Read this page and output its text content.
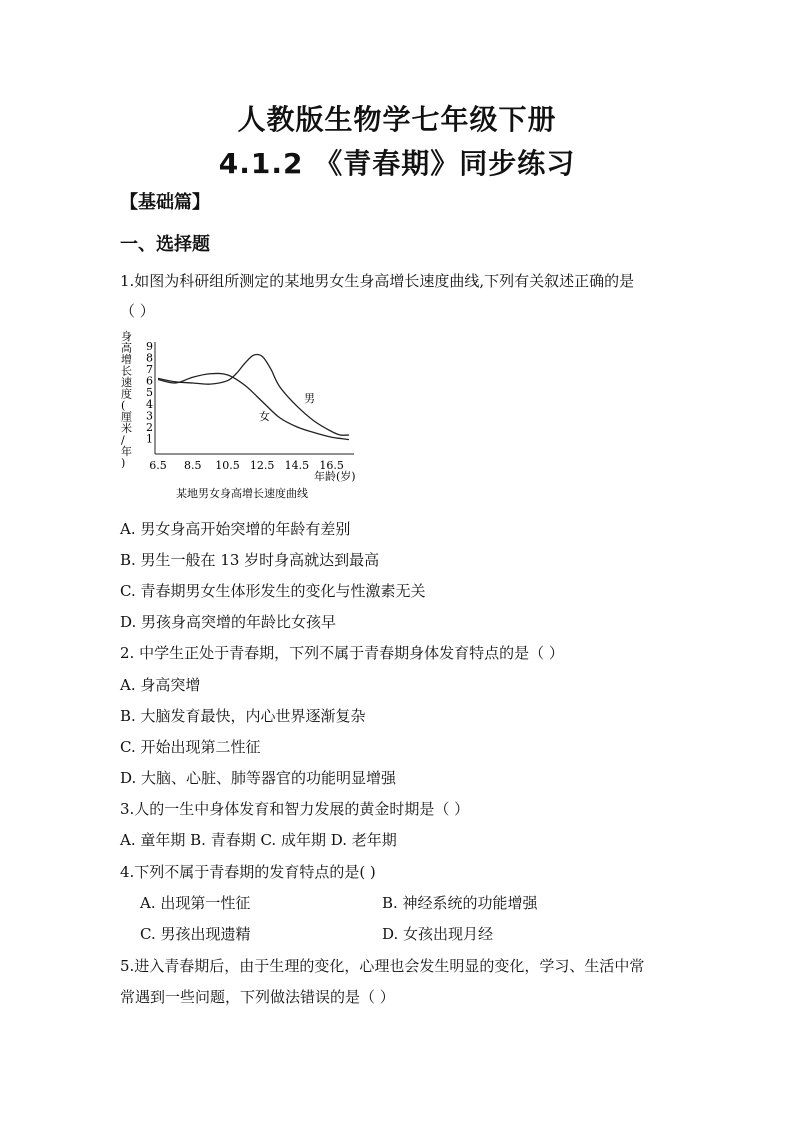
人教版生物学七年级下册
4.1.2 《青春期》同步练习
【基础篇】
一、选择题
1.如图为科研组所测定的某地男女生身高增长速度曲线,下列有关叙述正确的是
（ ）
身
高
增
长
速
度
(
厘
米
/
年
)
1
2
3
4
5
6
7
8
9
6.5 8.5 10.5 12.5 14.5 16.5
男
女
年龄(岁)
某地男女身高增长速度曲线
A. 男女身高开始突增的年龄有差别
B. 男生一般在 13 岁时身高就达到最高
C. 青春期男女生体形发生的变化与性激素无关
D. 男孩身高突增的年龄比女孩早
2. 中学生正处于青春期，下列不属于青春期身体发育特点的是（ ）
A. 身高突增
B. 大脑发育最快，内心世界逐渐复杂
C. 开始出现第二性征
D. 大脑、心脏、肺等器官的功能明显增强
3.人的一生中身体发育和智力发展的黄金时期是（ ）
A. 童年期 B. 青春期 C. 成年期 D. 老年期
4.下列不属于青春期的发育特点的是( )
A. 出现第一性征	B. 神经系统的功能增强
C. 男孩出现遗精	D. 女孩出现月经
5.进入青春期后，由于生理的变化，心理也会发生明显的变化，学习、生活中常
常遇到一些问题，下列做法错误的是（ ）
